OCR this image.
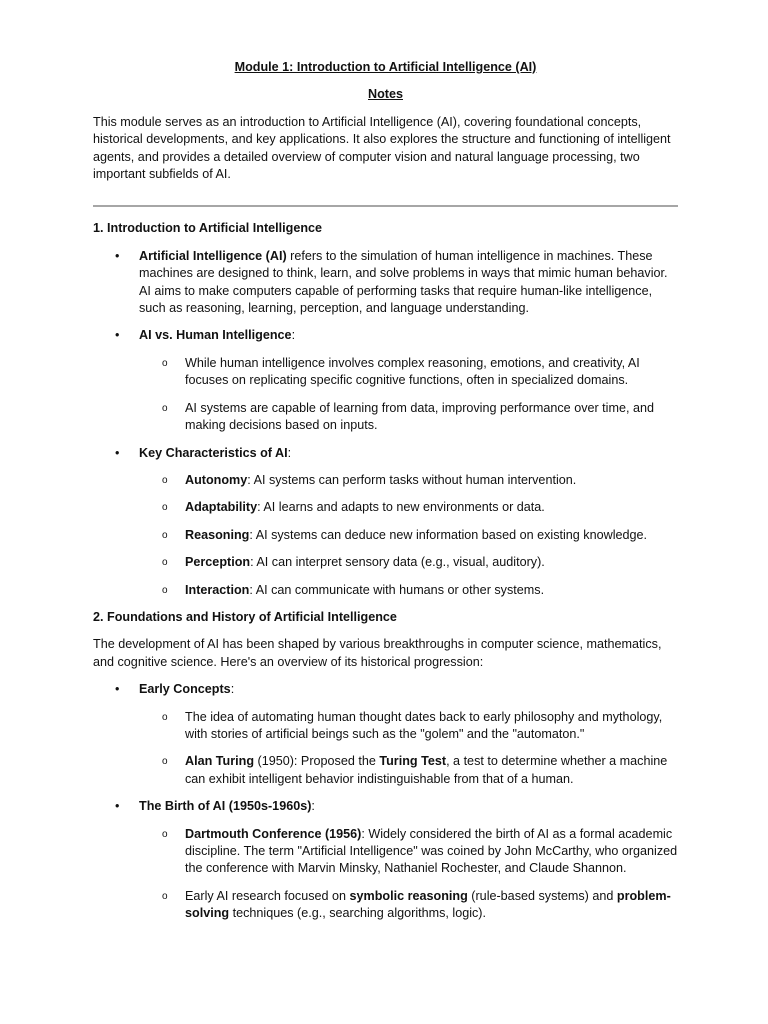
Module 1: Introduction to Artificial Intelligence (AI)

Notes

This module serves as an introduction to Artificial Intelligence (AI), covering foundational concepts, historical developments, and key applications. It also explores the structure and functioning of intelligent agents, and provides a detailed overview of computer vision and natural language processing, two important subfields of AI.

1. Introduction to Artificial Intelligence
• Artificial Intelligence (AI) refers to the simulation of human intelligence in machines. These machines are designed to think, learn, and solve problems in ways that mimic human behavior. AI aims to make computers capable of performing tasks that require human-like intelligence, such as reasoning, learning, perception, and language understanding.
• AI vs. Human Intelligence:
o While human intelligence involves complex reasoning, emotions, and creativity, AI focuses on replicating specific cognitive functions, often in specialized domains.
o AI systems are capable of learning from data, improving performance over time, and making decisions based on inputs.
• Key Characteristics of AI:
o Autonomy: AI systems can perform tasks without human intervention.
o Adaptability: AI learns and adapts to new environments or data.
o Reasoning: AI systems can deduce new information based on existing knowledge.
o Perception: AI can interpret sensory data (e.g., visual, auditory).
o Interaction: AI can communicate with humans or other systems.
2. Foundations and History of Artificial Intelligence

The development of AI has been shaped by various breakthroughs in computer science, mathematics, and cognitive science. Here's an overview of its historical progression:

• Early Concepts:
o The idea of automating human thought dates back to early philosophy and mythology, with stories of artificial beings such as the "golem" and the "automaton."
o Alan Turing (1950): Proposed the Turing Test, a test to determine whether a machine can exhibit intelligent behavior indistinguishable from that of a human.
• The Birth of AI (1950s-1960s):
o Dartmouth Conference (1956): Widely considered the birth of AI as a formal academic discipline. The term "Artificial Intelligence" was coined by John McCarthy, who organized the conference with Marvin Minsky, Nathaniel Rochester, and Claude Shannon.
o Early AI research focused on symbolic reasoning (rule-based systems) and problem-solving techniques (e.g., searching algorithms, logic).
